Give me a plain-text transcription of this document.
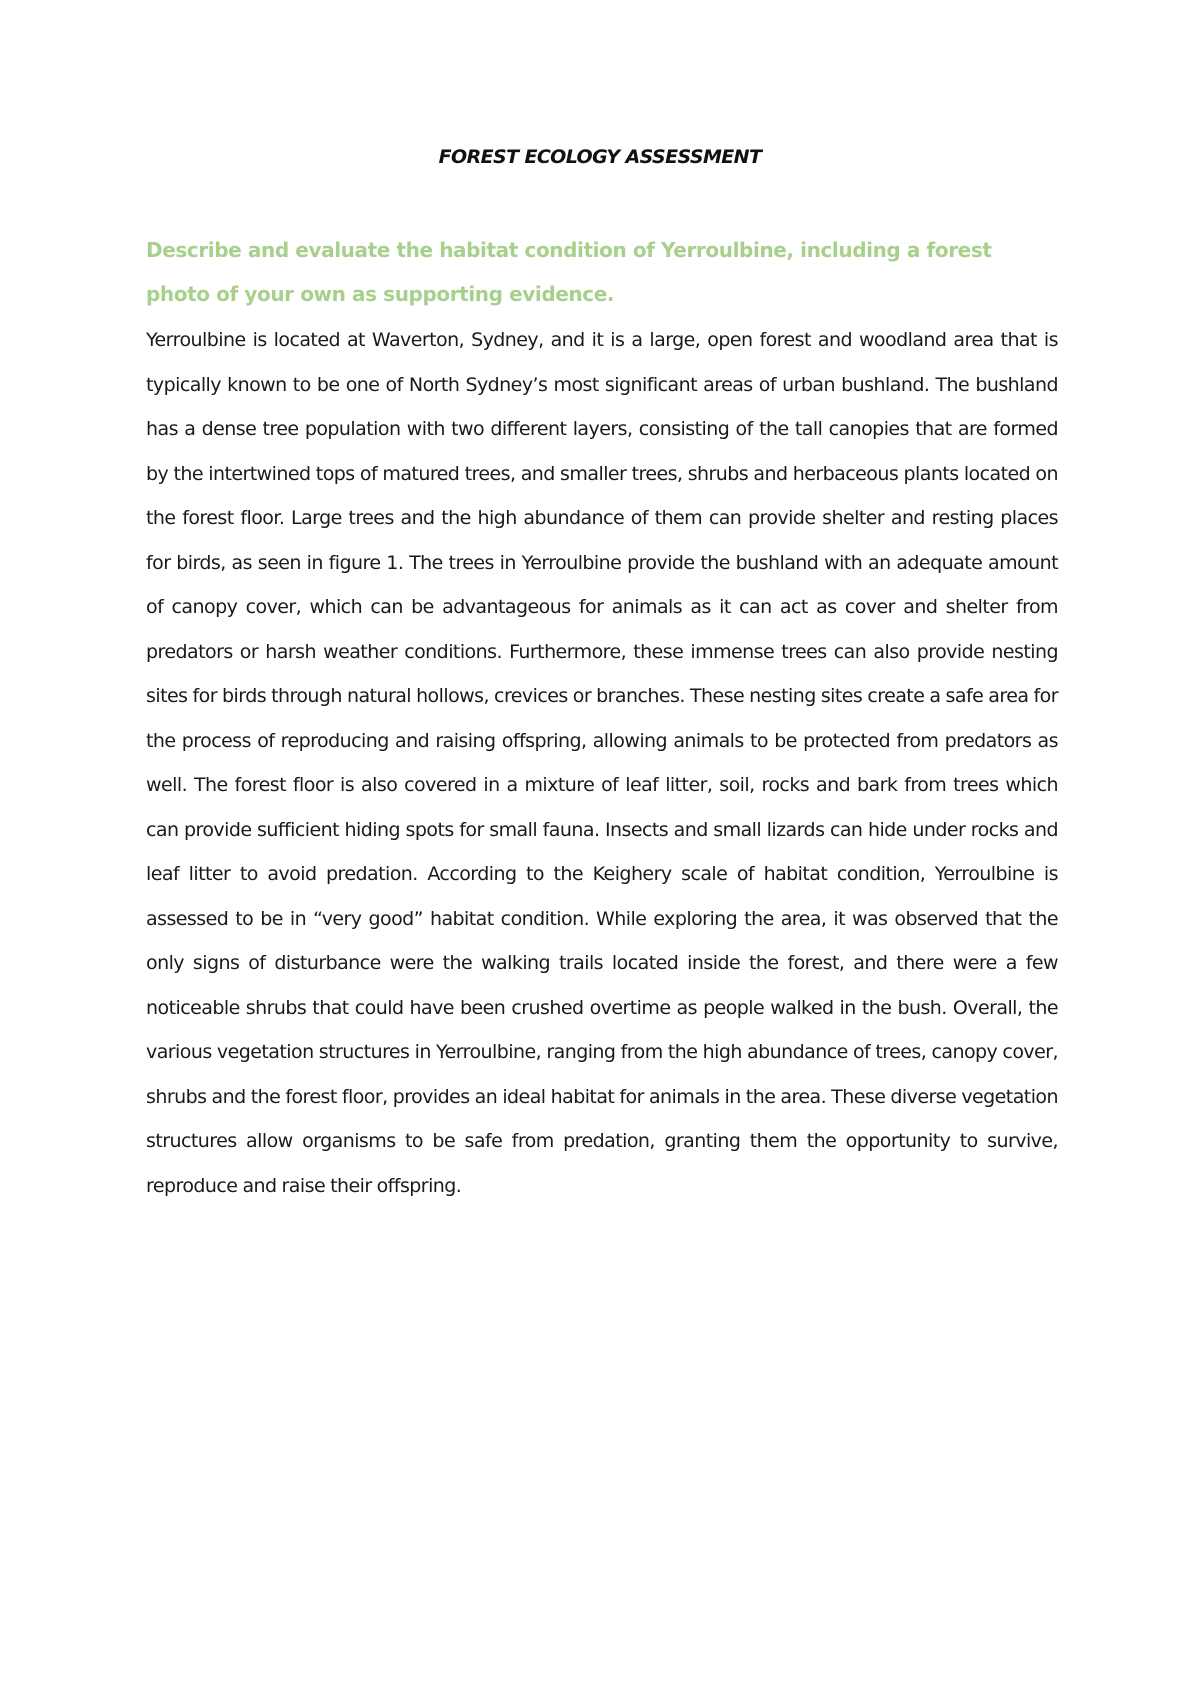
FOREST ECOLOGY ASSESSMENT
Describe and evaluate the habitat condition of Yerroulbine, including a forest photo of your own as supporting evidence.

Yerroulbine is located at Waverton, Sydney, and it is a large, open forest and woodland area that is typically known to be one of North Sydney’s most significant areas of urban bushland. The bushland has a dense tree population with two different layers, consisting of the tall canopies that are formed by the intertwined tops of matured trees, and smaller trees, shrubs and herbaceous plants located on the forest floor. Large trees and the high abundance of them can provide shelter and resting places for birds, as seen in figure 1. The trees in Yerroulbine provide the bushland with an adequate amount of canopy cover, which can be advantageous for animals as it can act as cover and shelter from predators or harsh weather conditions. Furthermore, these immense trees can also provide nesting sites for birds through natural hollows, crevices or branches. These nesting sites create a safe area for the process of reproducing and raising offspring, allowing animals to be protected from predators as well. The forest floor is also covered in a mixture of leaf litter, soil, rocks and bark from trees which can provide sufficient hiding spots for small fauna. Insects and small lizards can hide under rocks and leaf litter to avoid predation. According to the Keighery scale of habitat condition, Yerroulbine is assessed to be in “very good” habitat condition. While exploring the area, it was observed that the only signs of disturbance were the walking trails located inside the forest, and there were a few noticeable shrubs that could have been crushed overtime as people walked in the bush. Overall, the various vegetation structures in Yerroulbine, ranging from the high abundance of trees, canopy cover, shrubs and the forest floor, provides an ideal habitat for animals in the area. These diverse vegetation structures allow organisms to be safe from predation, granting them the opportunity to survive, reproduce and raise their offspring.
